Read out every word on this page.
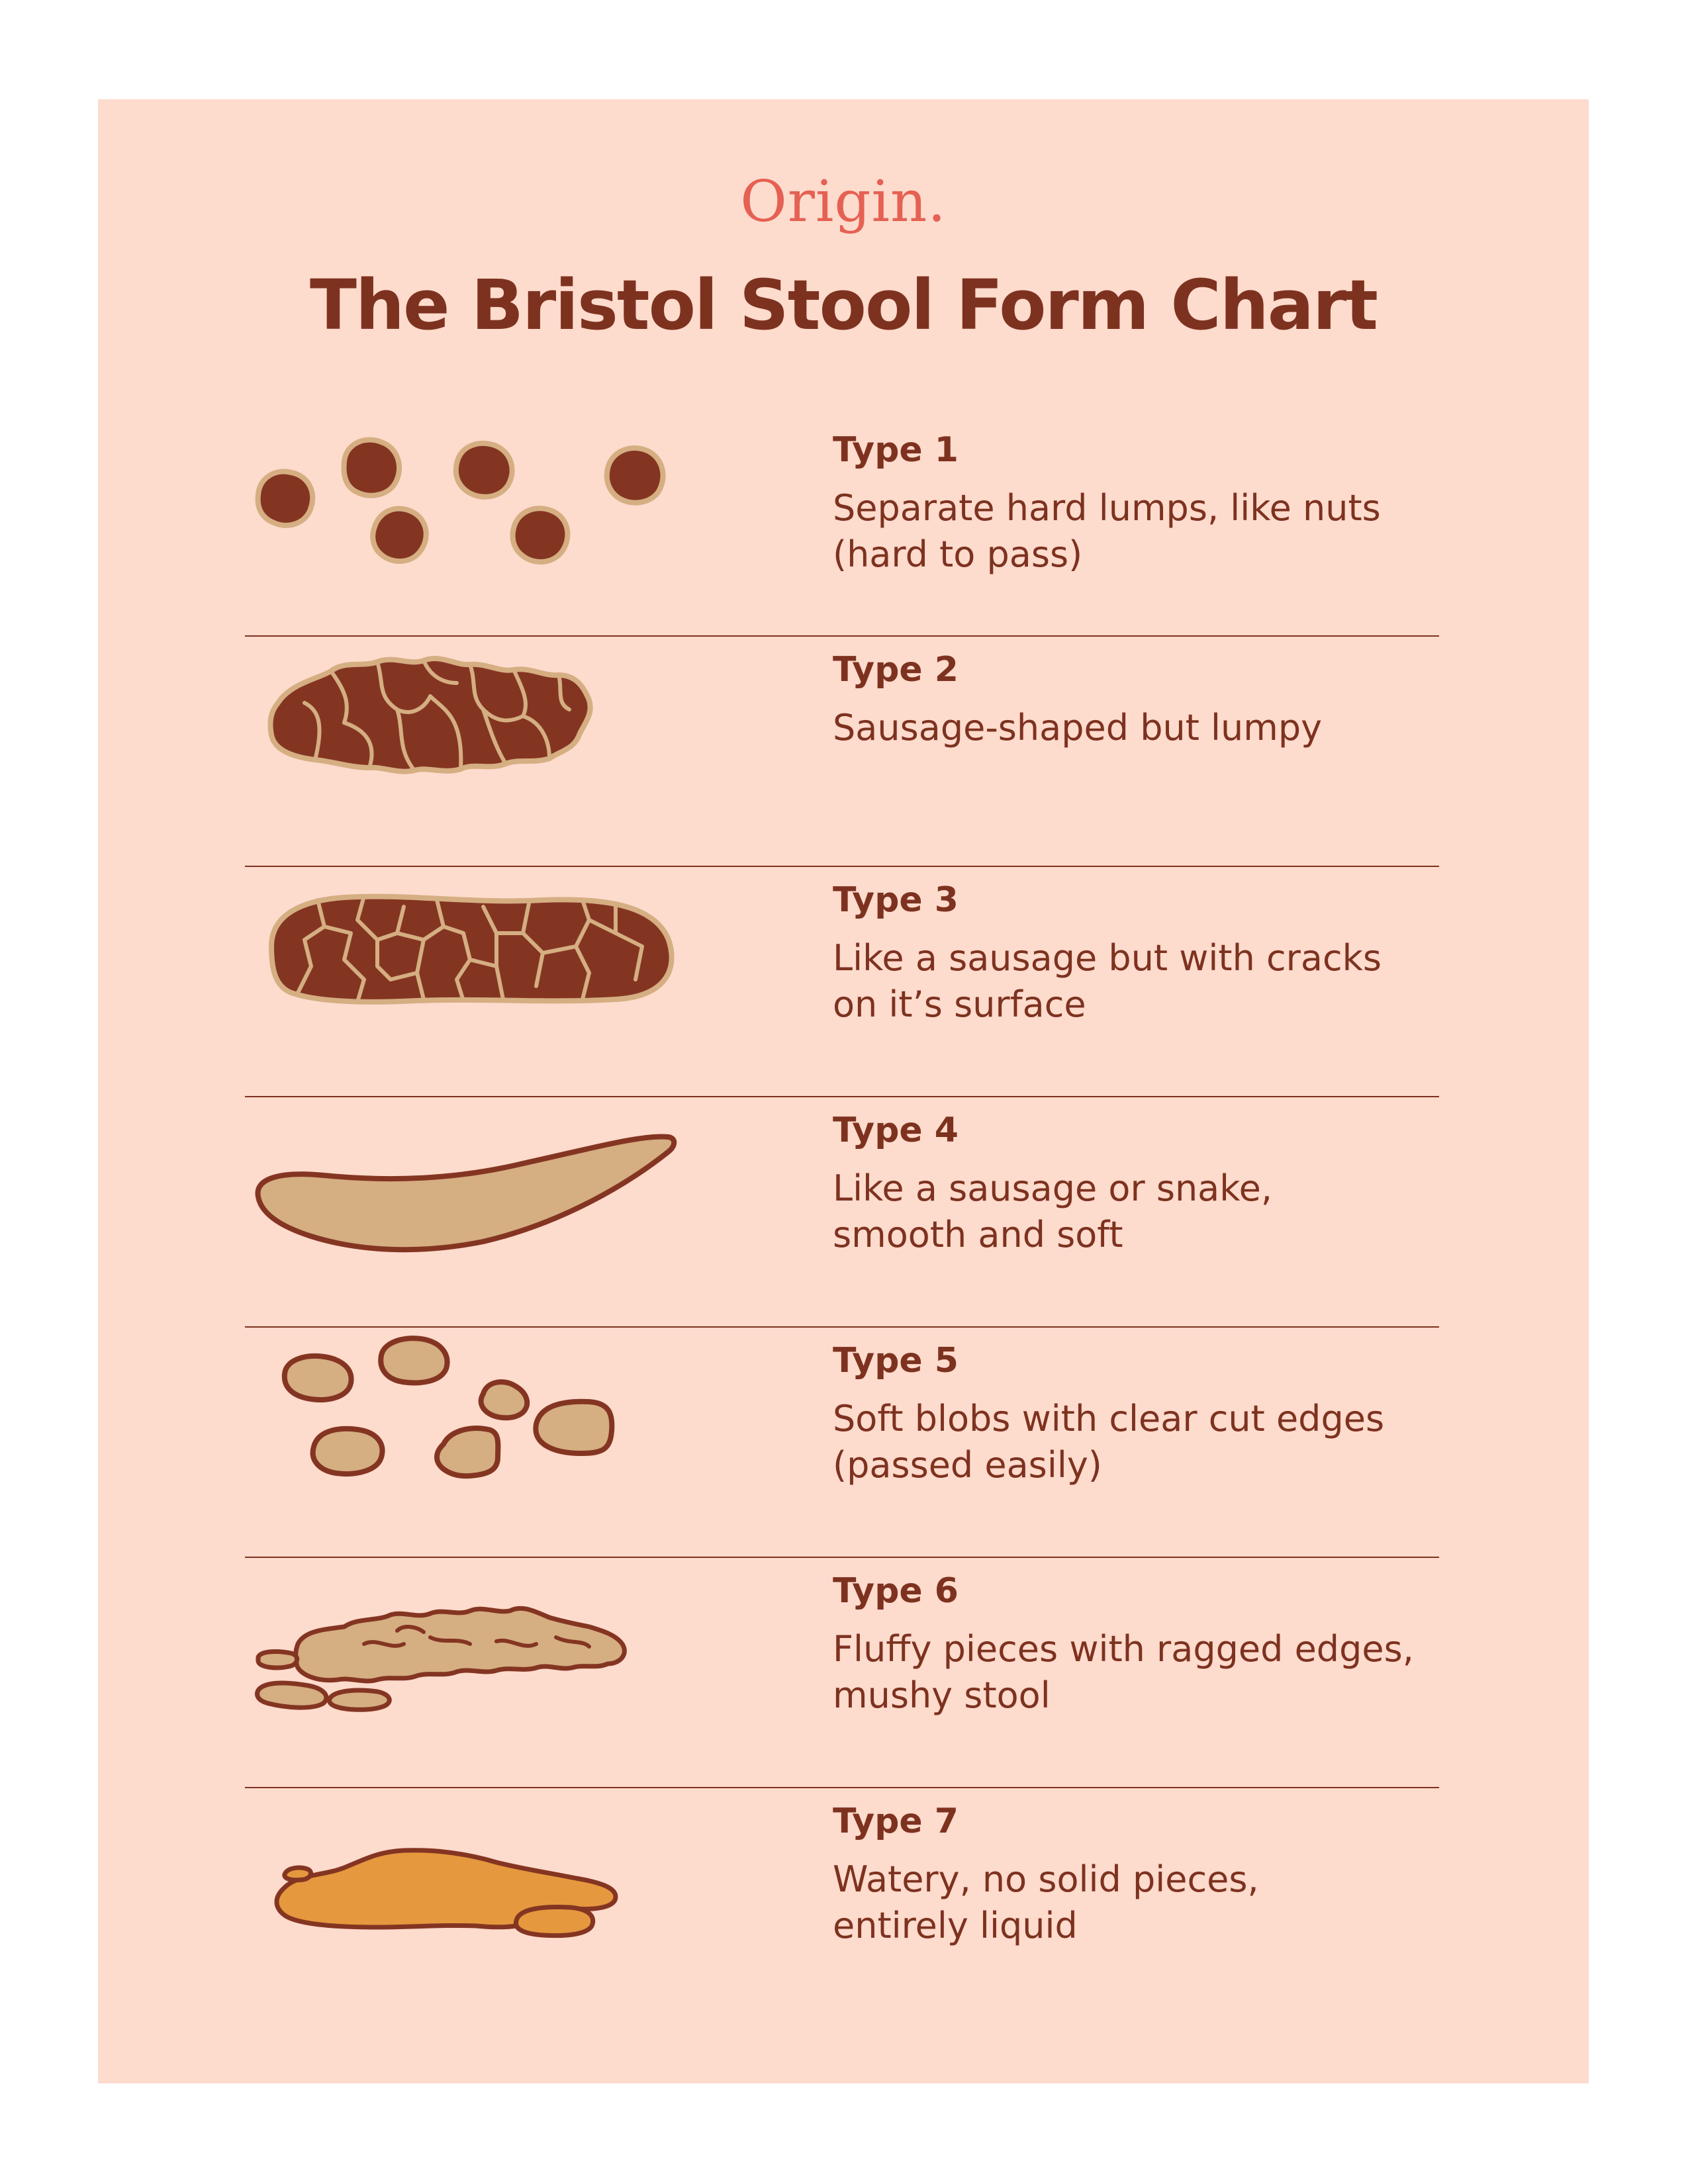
Origin.
The Bristol Stool Form Chart
Type 1
Separate hard lumps, like nuts
(hard to pass)
Type 2
Sausage-shaped but lumpy
Type 3
Like a sausage but with cracks
on it’s surface
Type 4
Like a sausage or snake,
smooth and soft
Type 5
Soft blobs with clear cut edges
(passed easily)
Type 6
Fluffy pieces with ragged edges,
mushy stool
Type 7
Watery, no solid pieces,
entirely liquid
